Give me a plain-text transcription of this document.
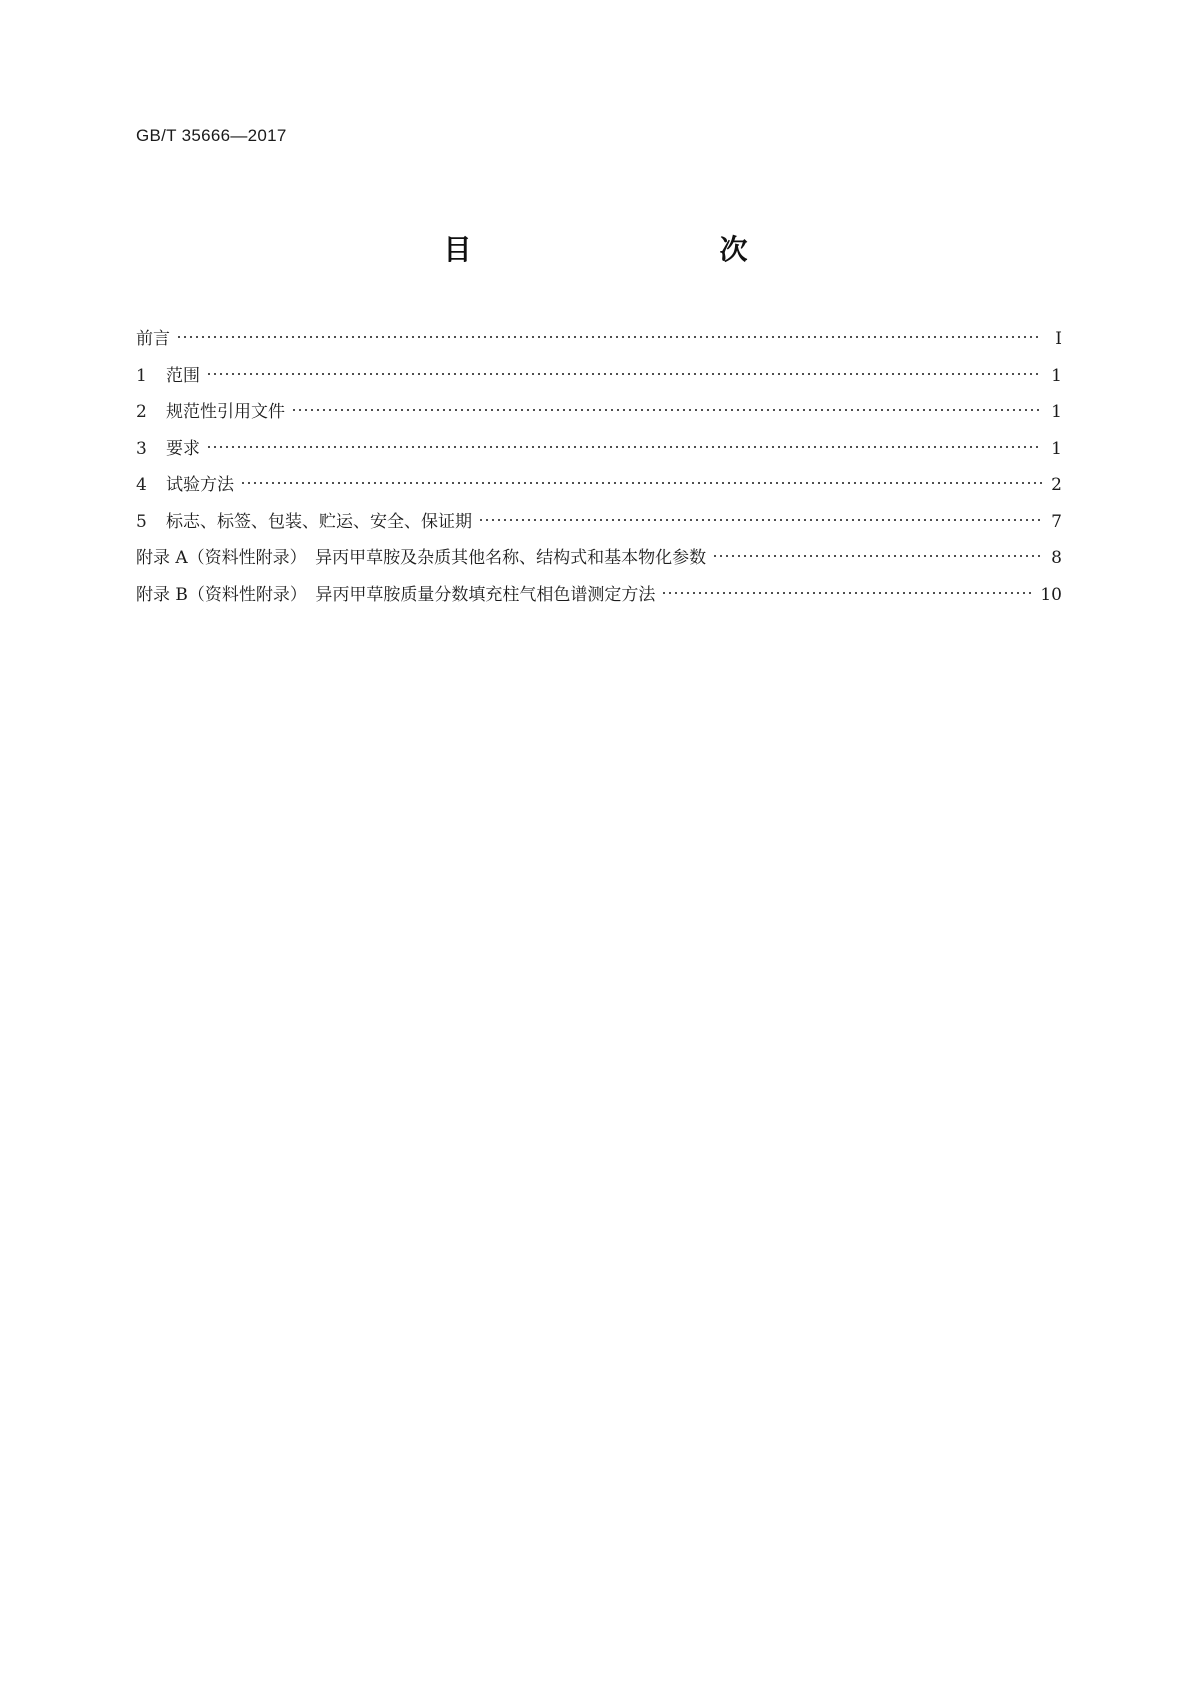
GB/T 35666—2017
目　　次
前言	Ⅰ
1 范围	1
2 规范性引用文件	1
3 要求	1
4 试验方法	2
5 标志、标签、包装、贮运、安全、保证期	7
附录 A（资料性附录）　异丙甲草胺及杂质其他名称、结构式和基本物化参数	8
附录 B（资料性附录）　异丙甲草胺质量分数填充柱气相色谱测定方法	10
